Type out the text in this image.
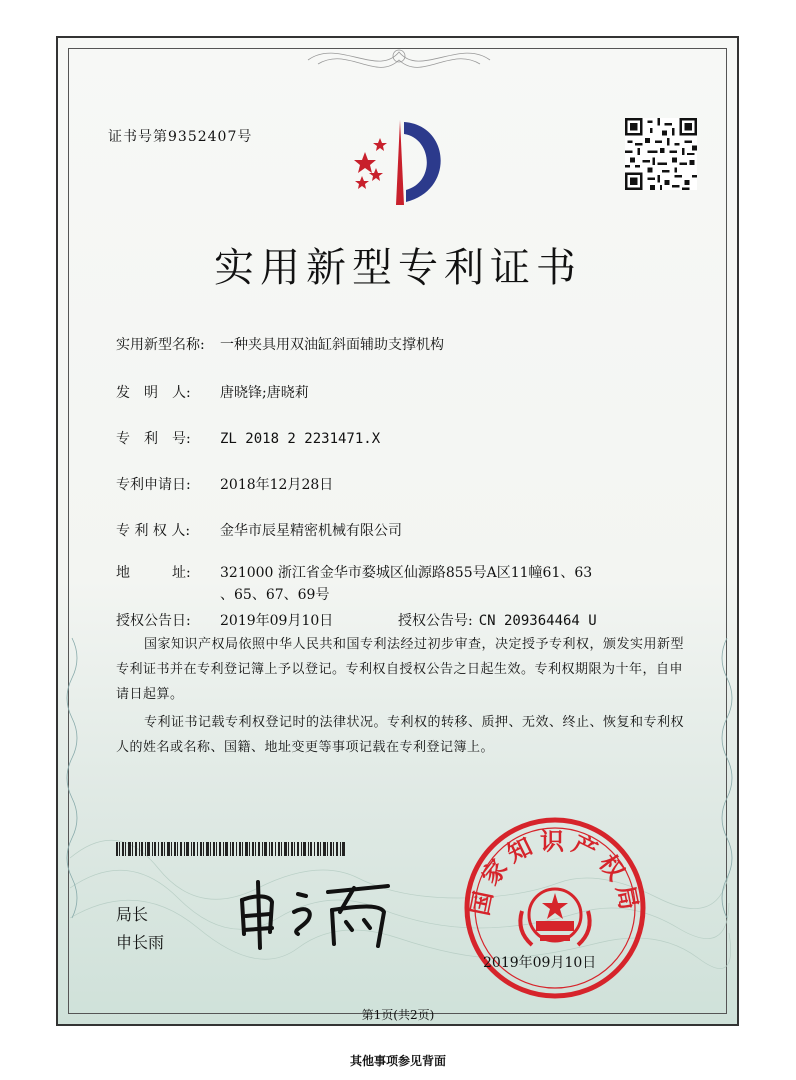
证书号第9352407号
实用新型专利证书
实用新型名称: 一种夹具用双油缸斜面辅助支撑机构
发　明　人: 唐晓锋;唐晓莉
专　利　号: ZL 2018 2 2231471.X
专利申请日: 2018年12月28日
专 利 权 人: 金华市辰星精密机械有限公司
地　　　址: 321000 浙江省金华市婺城区仙源路855号A区11幢61、63
、65、67、69号
授权公告日: 2019年09月10日	授权公告号: CN 209364464 U

国家知识产权局依照中华人民共和国专利法经过初步审查，决定授予专利权，颁发实用新型专利证书并在专利登记簿上予以登记。专利权自授权公告之日起生效。专利权期限为十年，自申请日起算。

专利证书记载专利权登记时的法律状况。专利权的转移、质押、无效、终止、恢复和专利权人的姓名或名称、国籍、地址变更等事项记载在专利登记簿上。

局长
申长雨
国家知识产权局
2019年09月10日
第1页(共2页)
其他事项参见背面
